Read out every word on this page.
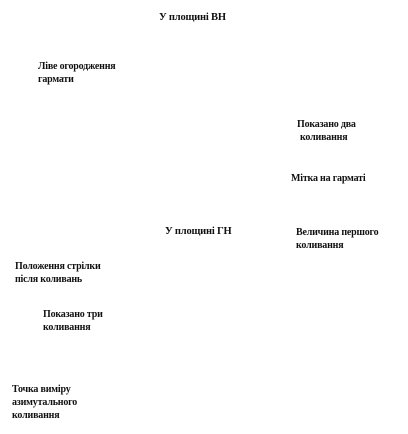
У площині ВН
Ліве огородження
гармати
Показано два
коливання
Мітка на гарматі
У площині ГН	Величина першого
коливання
Положення стрілки
після коливань
Показано три
коливання
Точка виміру
азимутального
коливання
